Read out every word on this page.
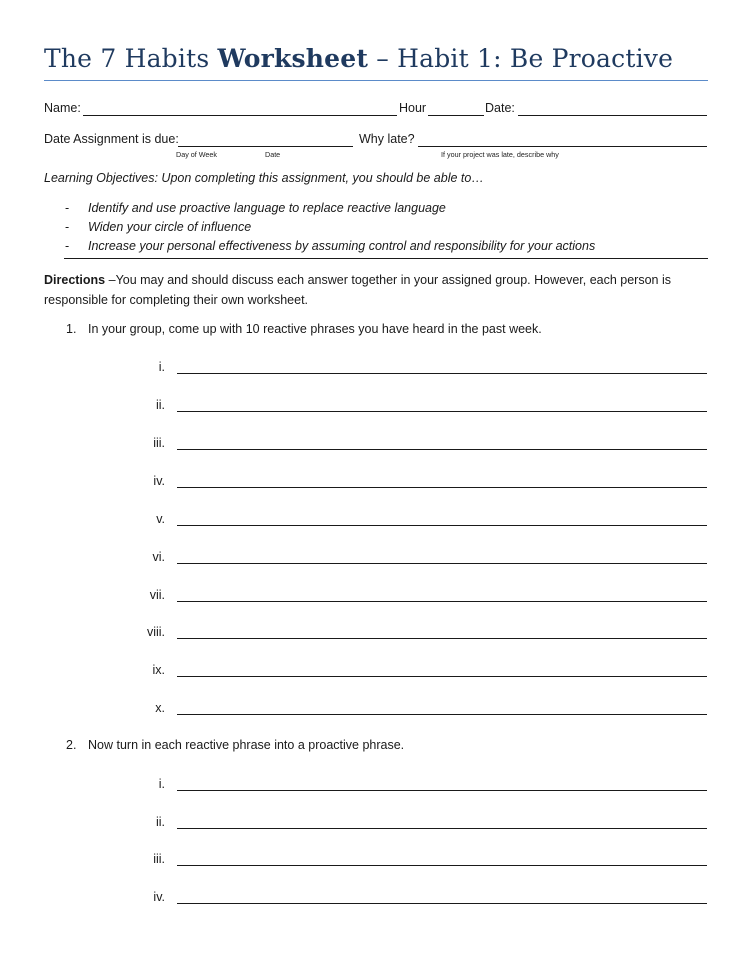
The 7 Habits Worksheet – Habit 1: Be Proactive
Name:	Hour	Date:
Date Assignment is due:	Why late?
Day of Week	Date	If your project was late, describe why
Learning Objectives: Upon completing this assignment, you should be able to…
- Identify and use proactive language to replace reactive language
- Widen your circle of influence
- Increase your personal effectiveness by assuming control and responsibility for your actions
Directions –You may and should discuss each answer together in your assigned group. However, each person is responsible for completing their own worksheet.
1. In your group, come up with 10 reactive phrases you have heard in the past week.
i.
ii.
iii.
iv.
v.
vi.
vii.
viii.
ix.
x.
2. Now turn in each reactive phrase into a proactive phrase.
i.
ii.
iii.
iv.
